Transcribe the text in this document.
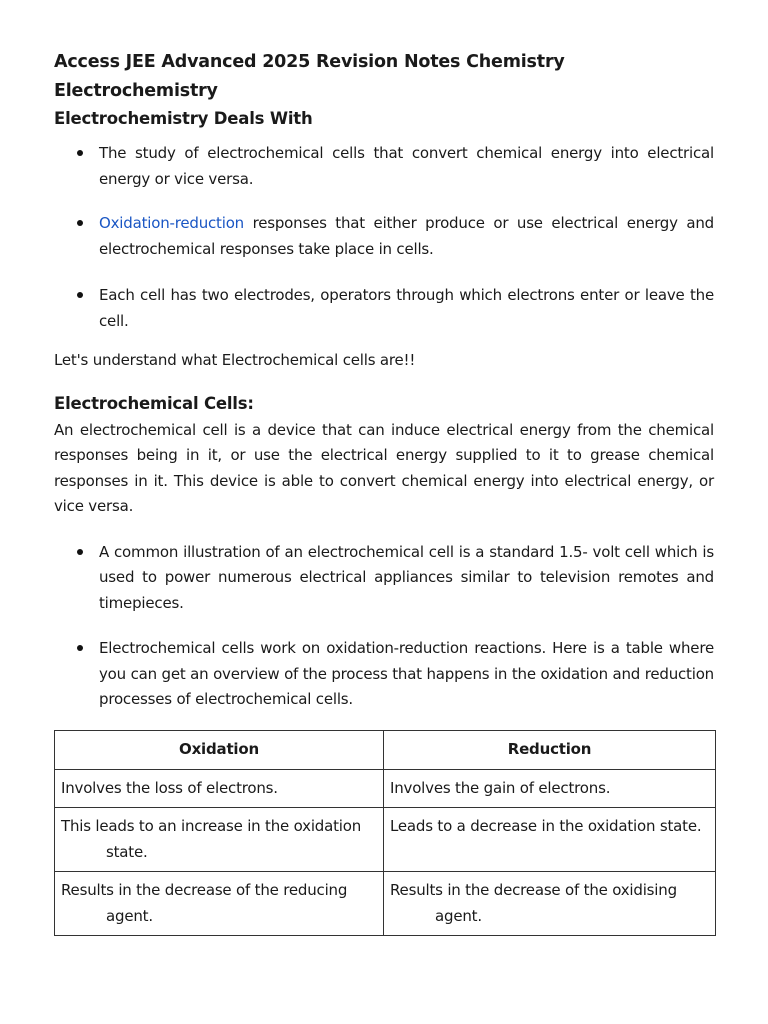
Access JEE Advanced 2025 Revision Notes Chemistry
Electrochemistry
Electrochemistry Deals With
The study of electrochemical cells that convert chemical energy into electrical energy or vice versa.
Oxidation-reduction responses that either produce or use electrical energy and electrochemical responses take place in cells.
Each cell has two electrodes, operators through which electrons enter or leave the cell.

Let's understand what Electrochemical cells are!!

Electrochemical Cells:

An electrochemical cell is a device that can induce electrical energy from the chemical responses being in it, or use the electrical energy supplied to it to grease chemical responses in it. This device is able to convert chemical energy into electrical energy, or vice versa.

A common illustration of an electrochemical cell is a standard 1.5- volt cell which is used to power numerous electrical appliances similar to television remotes and timepieces.
Electrochemical cells work on oxidation-reduction reactions. Here is a table where you can get an overview of the process that happens in the oxidation and reduction processes of electrochemical cells.
Oxidation	Reduction

Involves the loss of electrons.	Involves the gain of electrons.

This leads to an increase in the oxidation state.	Leads to a decrease in the oxidation state.

Results in the decrease of the reducing agent.	Results in the decrease of the oxidising agent.
